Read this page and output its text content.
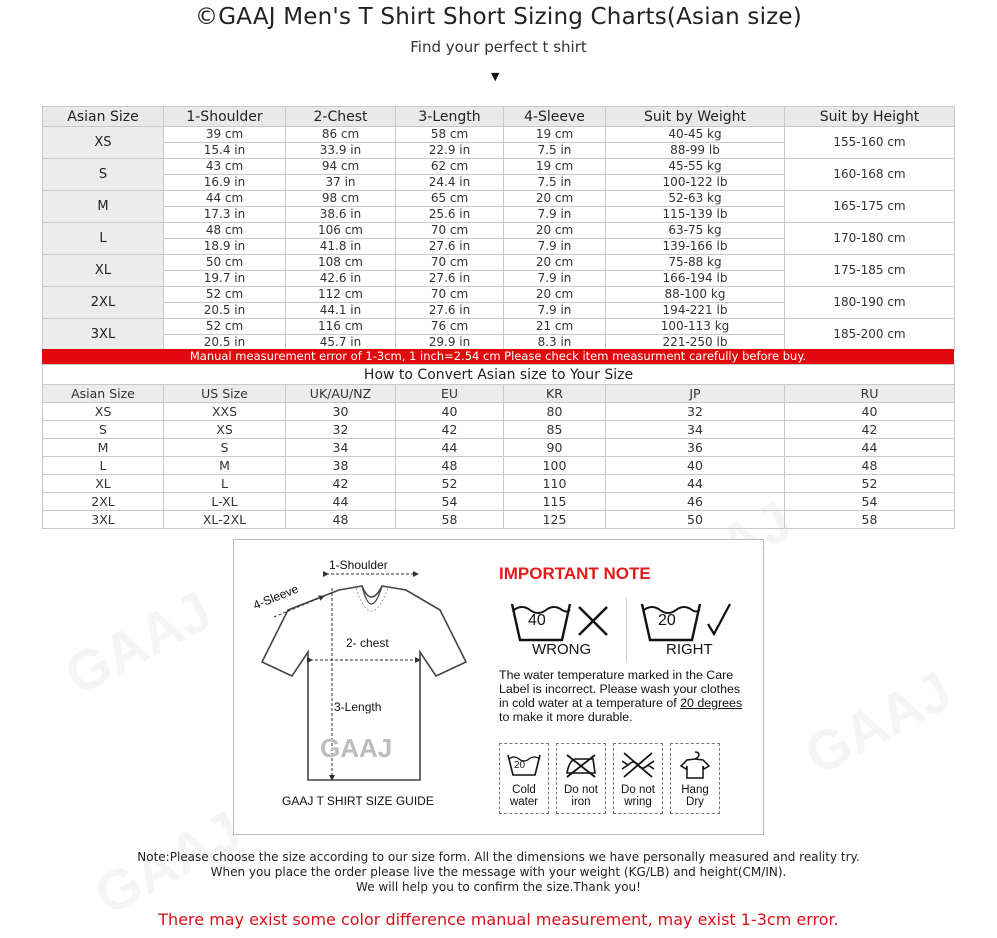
©GAAJ Men's T Shirt Short Sizing Charts(Asian size)
Find your perfect t shirt
▼
Asian Size	1-Shoulder	2-Chest	3-Length	4-Sleeve	Suit by Weight	Suit by Height
XS	39 cm	86 cm	58 cm	19 cm	40-45 kg	155-160 cm
	15.4 in	33.9 in	22.9 in	7.5 in	88-99 lb	
S	43 cm	94 cm	62 cm	19 cm	45-55 kg	160-168 cm
	16.9 in	37 in	24.4 in	7.5 in	100-122 lb	
M	44 cm	98 cm	65 cm	20 cm	52-63 kg	165-175 cm
	17.3 in	38.6 in	25.6 in	7.9 in	115-139 lb	
L	48 cm	106 cm	70 cm	20 cm	63-75 kg	170-180 cm
	18.9 in	41.8 in	27.6 in	7.9 in	139-166 lb	
XL	50 cm	108 cm	70 cm	20 cm	75-88 kg	175-185 cm
	19.7 in	42.6 in	27.6 in	7.9 in	166-194 lb	
2XL	52 cm	112 cm	70 cm	20 cm	88-100 kg	180-190 cm
	20.5 in	44.1 in	27.6 in	7.9 in	194-221 lb	
3XL	52 cm	116 cm	76 cm	21 cm	100-113 kg	185-200 cm
	20.5 in	45.7 in	29.9 in	8.3 in	221-250 lb	
Manual measurement error of 1-3cm, 1 inch=2.54 cm Please check item measurment carefully before buy.
How to Convert Asian size to Your Size						
Asian Size	US Size	UK/AU/NZ	EU	KR	JP	RU
XS	XXS	30	40	80	32	40
S	XS	32	42	85	34	42
M	S	34	44	90	36	44
L	M	38	48	100	40	48
XL	L	42	52	110	44	52
2XL	L-XL	44	54	115	46	54
3XL	XL-2XL	48	58	125	50	58
1-Shoulder
4-Sleeve
2- chest
3-Length
GAAJ
GAAJ T SHIRT SIZE GUIDE
IMPORTANT NOTE
40	20
WRONG	RIGHT
The water temperature marked in the Care Label is incorrect. Please wash your clothes in cold water at a temperature of 20 degrees to make it more durable.
20
Cold
water
Do not
iron
Do not
wring
Hang
Dry
Note:Please choose the size according to our size form. All the dimensions we have personally measured and reality try.
When you place the order please live the message with your weight (KG/LB) and height(CM/IN).
We will help you to confirm the size.Thank you!
There may exist some color difference manual measurement, may exist 1-3cm error.
